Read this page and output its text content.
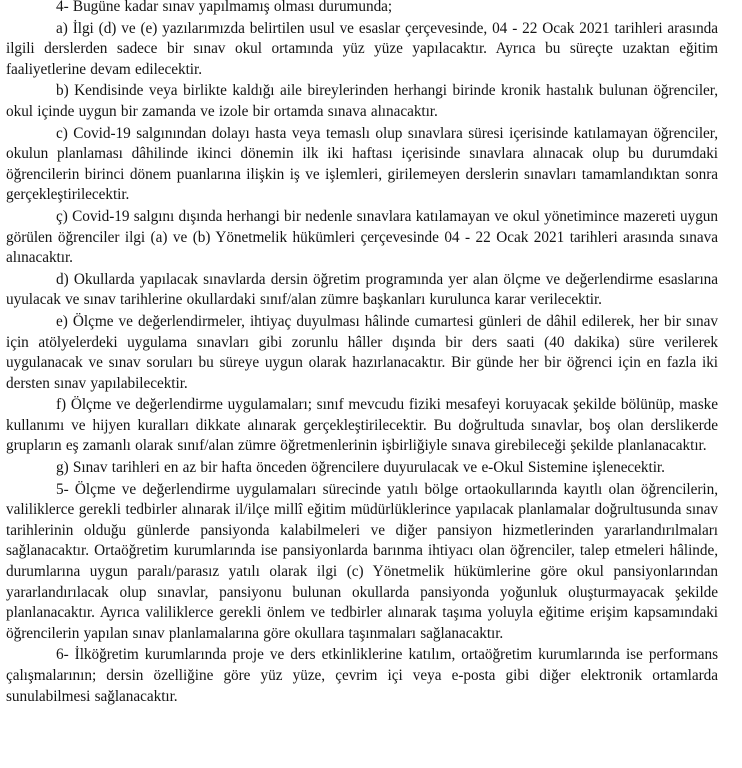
4- Bugüne kadar sınav yapılmamış olması durumunda;

a) İlgi (d) ve (e) yazılarımızda belirtilen usul ve esaslar çerçevesinde, 04 - 22 Ocak 2021 tarihleri arasında ilgili derslerden sadece bir sınav okul ortamında yüz yüze yapılacaktır. Ayrıca bu süreçte uzaktan eğitim faaliyetlerine devam edilecektir.

b) Kendisinde veya birlikte kaldığı aile bireylerinden herhangi birinde kronik hastalık bulunan öğrenciler, okul içinde uygun bir zamanda ve izole bir ortamda sınava alınacaktır.

c) Covid-19 salgınından dolayı hasta veya temaslı olup sınavlara süresi içerisinde katılamayan öğrenciler, okulun planlaması dâhilinde ikinci dönemin ilk iki haftası içerisinde sınavlara alınacak olup bu durumdaki öğrencilerin birinci dönem puanlarına ilişkin iş ve işlemleri, girilemeyen derslerin sınavları tamamlandıktan sonra gerçekleştirilecektir.

ç) Covid-19 salgını dışında herhangi bir nedenle sınavlara katılamayan ve okul yönetimince mazereti uygun görülen öğrenciler ilgi (a) ve (b) Yönetmelik hükümleri çerçevesinde 04 - 22 Ocak 2021 tarihleri arasında sınava alınacaktır.

d) Okullarda yapılacak sınavlarda dersin öğretim programında yer alan ölçme ve değerlendirme esaslarına uyulacak ve sınav tarihlerine okullardaki sınıf/alan zümre başkanları kurulunca karar verilecektir.

e) Ölçme ve değerlendirmeler, ihtiyaç duyulması hâlinde cumartesi günleri de dâhil edilerek, her bir sınav için atölyelerdeki uygulama sınavları gibi zorunlu hâller dışında bir ders saati (40 dakika) süre verilerek uygulanacak ve sınav soruları bu süreye uygun olarak hazırlanacaktır. Bir günde her bir öğrenci için en fazla iki dersten sınav yapılabilecektir.

f) Ölçme ve değerlendirme uygulamaları; sınıf mevcudu fiziki mesafeyi koruyacak şekilde bölünüp, maske kullanımı ve hijyen kuralları dikkate alınarak gerçekleştirilecektir. Bu doğrultuda sınavlar, boş olan derslikerde grupların eş zamanlı olarak sınıf/alan zümre öğretmenlerinin işbirliğiyle sınava girebileceği şekilde planlanacaktır.

g) Sınav tarihleri en az bir hafta önceden öğrencilere duyurulacak ve e-Okul Sistemine işlenecektir.

5- Ölçme ve değerlendirme uygulamaları sürecinde yatılı bölge ortaokullarında kayıtlı olan öğrencilerin, valiliklerce gerekli tedbirler alınarak il/ilçe millî eğitim müdürlüklerince yapılacak planlamalar doğrultusunda sınav tarihlerinin olduğu günlerde pansiyonda kalabilmeleri ve diğer pansiyon hizmetlerinden yararlandırılmaları sağlanacaktır. Ortaöğretim kurumlarında ise pansiyonlarda barınma ihtiyacı olan öğrenciler, talep etmeleri hâlinde, durumlarına uygun paralı/parasız yatılı olarak ilgi (c) Yönetmelik hükümlerine göre okul pansiyonlarından yararlandırılacak olup sınavlar, pansiyonu bulunan okullarda pansiyonda yoğunluk oluşturmayacak şekilde planlanacaktır. Ayrıca valiliklerce gerekli önlem ve tedbirler alınarak taşıma yoluyla eğitime erişim kapsamındaki öğrencilerin yapılan sınav planlamalarına göre okullara taşınmaları sağlanacaktır.

6- İlköğretim kurumlarında proje ve ders etkinliklerine katılım, ortaöğretim kurumlarında ise performans çalışmalarının; dersin özelliğine göre yüz yüze, çevrim içi veya e-posta gibi diğer elektronik ortamlarda sunulabilmesi sağlanacaktır.
